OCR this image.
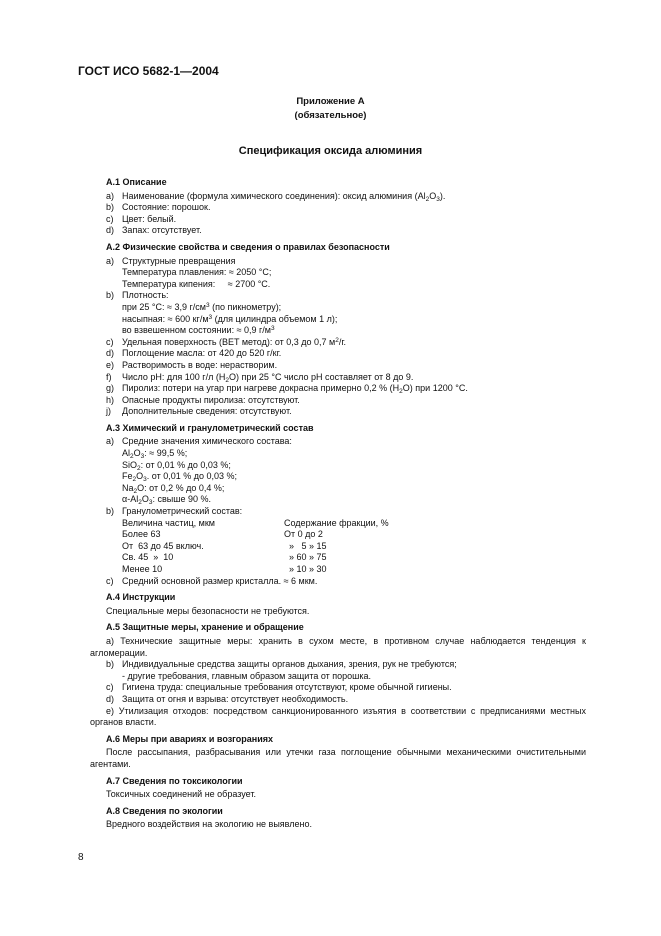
ГОСТ ИСО 5682-1—2004
Приложение А
(обязательное)
Спецификация оксида алюминия
А.1 Описание
а) Наименование (формула химического соединения): оксид алюминия $(Al_2O_3)$.
b) Состояние: порошок.
с) Цвет: белый.
d) Запах: отсутствует.
А.2 Физические свойства и сведения о правилах безопасности
а) Структурные превращения
Температура плавления: ≈ 2050 °С;
Температура кипения: ≈ 2700 °С.
b) Плотность:
при 25 °С: ≈ 3,9 $г/см^3$ (по пикнометру);
насыпная: ≈ 600 $кг/м^3$ (для цилиндра объемом 1 л);
во взвешенном состоянии: ≈ 0,9 $г/м^3$
с) Удельная поверхность (BET метод): от 0,3 до 0,7 $м^2/г$.
d) Поглощение масла: от 420 до 520 г/кг.
е) Растворимость в воде: нерастворим.
f) Число рН: для 100 г/л $(Н_2О)$ при 25 °С число рН составляет от 8 до 9.
g) Пиролиз: потери на угар при нагреве докрасна примерно 0,2 % $(Н_2О)$ при 1200 °С.
h) Опасные продукты пиролиза: отсутствуют.
j) Дополнительные сведения: отсутствуют.
А.3 Химический и гранулометрический состав
а) Средние значения химического состава:
$Al_2O_3$: ≈ 99,5 %;
SiO$_2$: от 0,01 % до 0,03 %;
$Fe_2O_3$. от 0,01 % до 0,03 %;
$Na_2О$: от 0,2 % до 0,4 %;
$\alpha-Al_2O_3$: свыше 90 %.
b) Гранулометрический состав:
Величина частиц, мкм	Содержание фракции, %
Более 63	От 0 до 2
От  63 до 45 включ.	»   5 » 15
Св. 45  »  10	» 60 » 75
Менее 10	» 10 » 30
с) Средний основной размер кристалла. ≈ 6 мкм.
А.4 Инструкции
Специальные меры безопасности не требуются.
А.5 Защитные меры, хранение и обращение
а) Технические защитные меры: хранить в сухом месте, в противном случае наблюдается тенденция к агломерации.
b) Индивидуальные средства защиты органов дыхания, зрения, рук не требуются;
- другие требования, главным образом защита от порошка.
с) Гигиена труда: специальные требования отсутствуют, кроме обычной гигиены.
d) Защита от огня и взрыва: отсутствует необходимость.
е) Утилизация отходов: посредством санкционированного изъятия в соответствии с предписаниями местных органов власти.
А.6 Меры при авариях и возгораниях
После рассыпания, разбрасывания или утечки газа поглощение обычными механическими очистительными агентами.
А.7 Сведения по токсикологии
Токсичных соединений не образует.
А.8 Сведения по экологии
Вредного воздействия на экологию не выявлено.
8
